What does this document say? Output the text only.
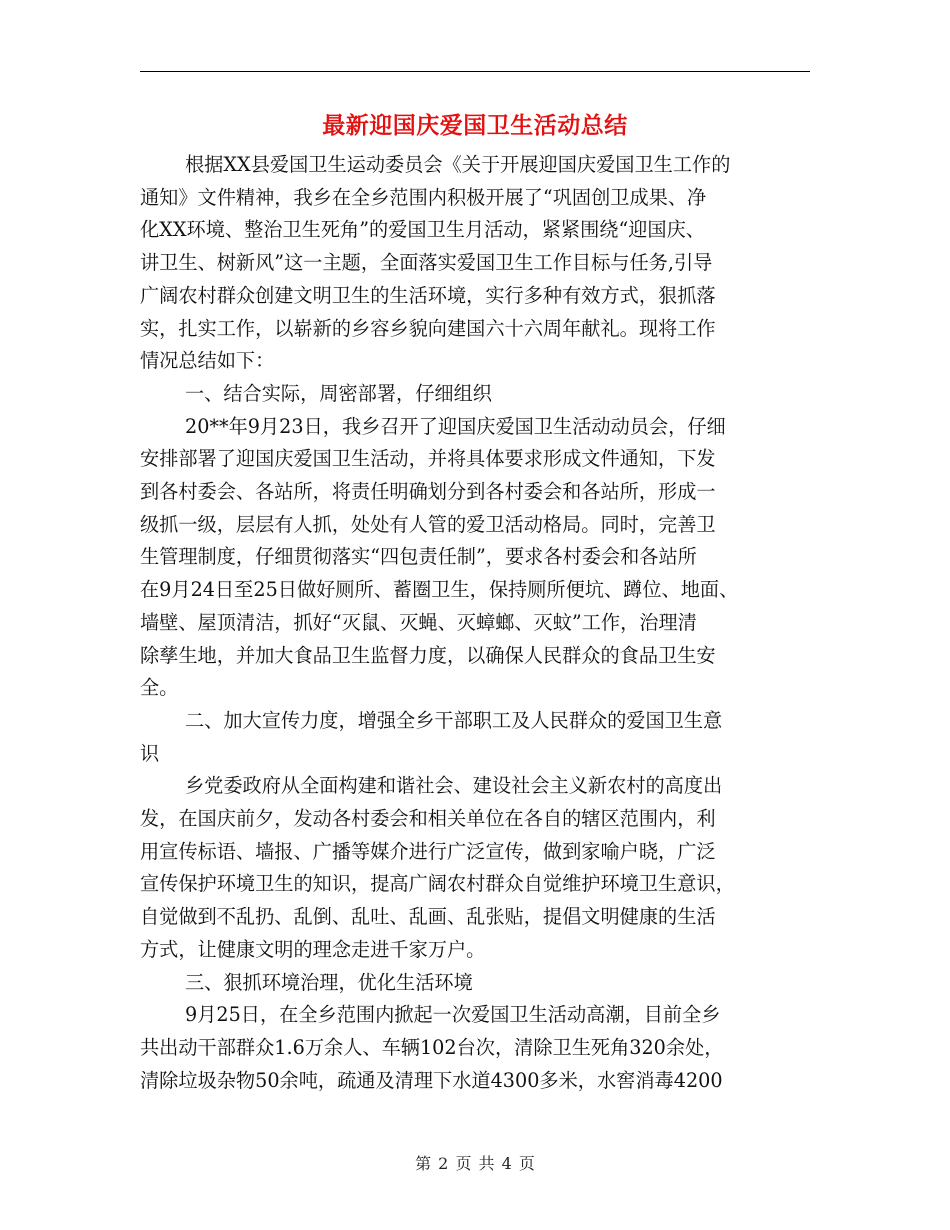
最新迎国庆爱国卫生活动总结
根据XX县爱国卫生运动委员会《关于开展迎国庆爱国卫生工作的
通知》文件精神，我乡在全乡范围内积极开展了“巩固创卫成果、净
化XX环境、整治卫生死角”的爱国卫生月活动，紧紧围绕“迎国庆、
讲卫生、树新风”这一主题，全面落实爱国卫生工作目标与任务,引导
广阔农村群众创建文明卫生的生活环境，实行多种有效方式，狠抓落
实，扎实工作，以崭新的乡容乡貌向建国六十六周年献礼。现将工作
情况总结如下：
一、结合实际，周密部署，仔细组织
20**年9月23日，我乡召开了迎国庆爱国卫生活动动员会，仔细
安排部署了迎国庆爱国卫生活动，并将具体要求形成文件通知，下发
到各村委会、各站所，将责任明确划分到各村委会和各站所，形成一
级抓一级，层层有人抓，处处有人管的爱卫活动格局。同时，完善卫
生管理制度，仔细贯彻落实“四包责任制”，要求各村委会和各站所
在9月24日至25日做好厕所、蓄圈卫生，保持厕所便坑、蹲位、地面、
墙壁、屋顶清洁，抓好“灭鼠、灭蝇、灭蟑螂、灭蚊”工作，治理清
除孳生地，并加大食品卫生监督力度，以确保人民群众的食品卫生安
全。
二、加大宣传力度，增强全乡干部职工及人民群众的爱国卫生意
识
乡党委政府从全面构建和谐社会、建设社会主义新农村的高度出
发，在国庆前夕，发动各村委会和相关单位在各自的辖区范围内，利
用宣传标语、墙报、广播等媒介进行广泛宣传，做到家喻户晓，广泛
宣传保护环境卫生的知识，提高广阔农村群众自觉维护环境卫生意识，
自觉做到不乱扔、乱倒、乱吐、乱画、乱张贴，提倡文明健康的生活
方式，让健康文明的理念走进千家万户。
三、狠抓环境治理，优化生活环境
9月25日，在全乡范围内掀起一次爱国卫生活动高潮，目前全乡
共出动干部群众1.6万余人、车辆102台次，清除卫生死角320余处，
清除垃圾杂物50余吨，疏通及清理下水道4300多米，水窖消毒4200
第 2 页 共 4 页
